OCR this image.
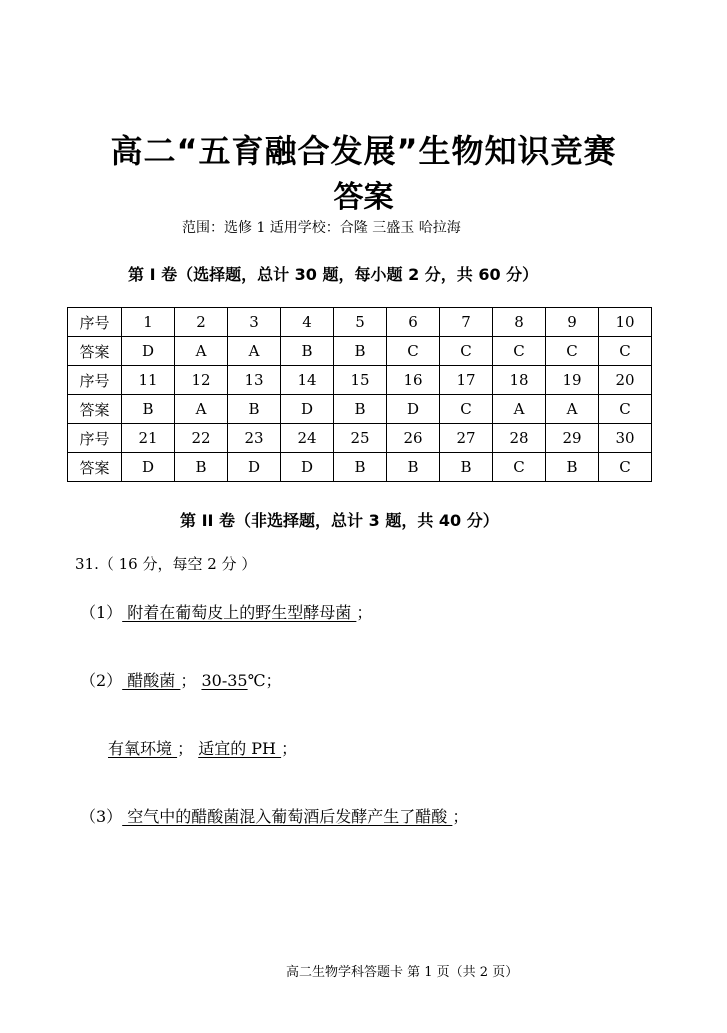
高二“五育融合发展”生物知识竞赛
答案
范围：选修 1 适用学校：合隆 三盛玉 哈拉海
第 I 卷（选择题，总计 30 题，每小题 2 分，共 60 分）
序号	1	2	3	4	5	6	7	8	9	10
答案	D	A	A	B	B	C	C	C	C	C
序号	11	12	13	14	15	16	17	18	19	20
答案	B	A	B	D	B	D	C	A	A	C
序号	21	22	23	24	25	26	27	28	29	30
答案	D	B	D	D	B	B	B	C	B	C
第 II 卷（非选择题，总计 3 题，共 40 分）
31.（ 16 分，每空 2 分 ）
（1） 附着在葡萄皮上的野生型酵母菌 ；
（2） 醋酸菌 ； 30-35℃；
有氧环境 ； 适宜的 PH ；
（3） 空气中的醋酸菌混入葡萄酒后发酵产生了醋酸 ；
高二生物学科答题卡 第 1 页（共 2 页）
